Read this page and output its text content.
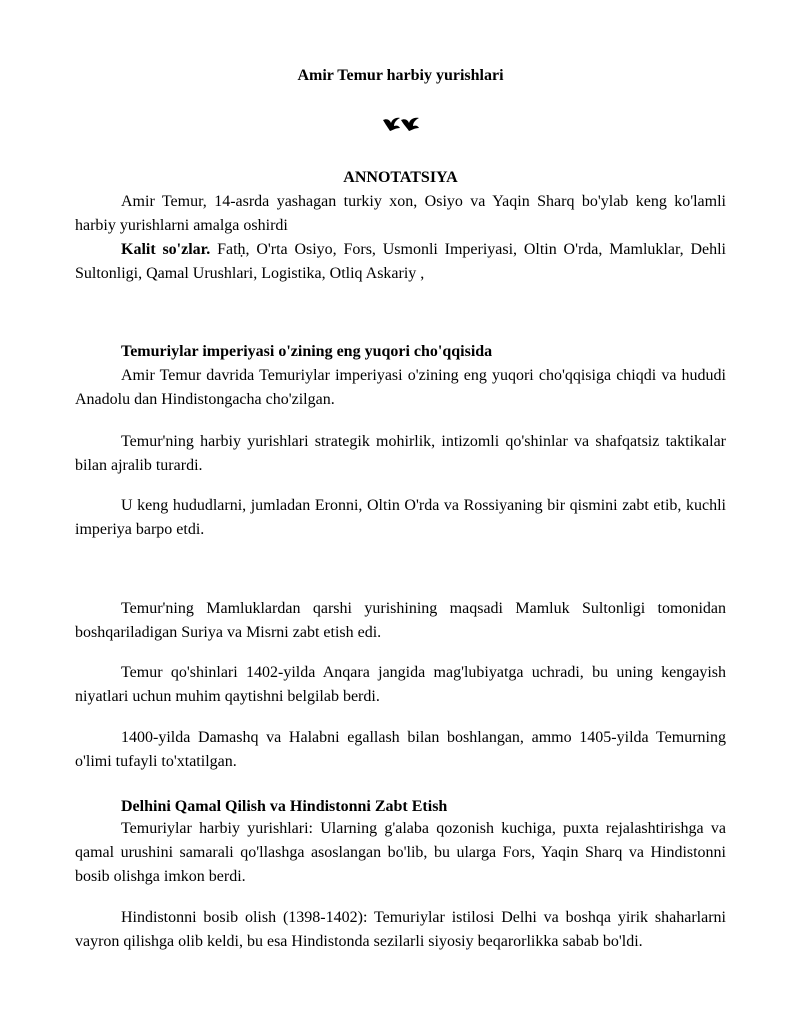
Amir Temur harbiy yurishlari
ANNOTATSIYA

Amir Temur, 14-asrda yashagan turkiy xon, Osiyo va Yaqin Sharq bo'ylab keng ko'lamli harbiy yurishlarni amalga oshirdi

Kalit so'zlar. Fatḥ, O'rta Osiyo, Fors, Usmonli Imperiyasi, Oltin O'rda, Mamluklar, Dehli Sultonligi, Qamal Urushlari, Logistika, Otliq Askariy ,

Temuriylar imperiyasi o'zining eng yuqori cho'qqisida

Amir Temur davrida Temuriylar imperiyasi o'zining eng yuqori cho'qqisiga chiqdi va hududi Anadolu dan Hindistongacha cho'zilgan.

Temur'ning harbiy yurishlari strategik mohirlik, intizomli qo'shinlar va shafqatsiz taktikalar bilan ajralib turardi.

U keng hududlarni, jumladan Eronni, Oltin O'rda va Rossiyaning bir qismini zabt etib, kuchli imperiya barpo etdi.

Temur'ning Mamluklardan qarshi yurishining maqsadi Mamluk Sultonligi tomonidan boshqariladigan Suriya va Misrni zabt etish edi.

Temur qo'shinlari 1402-yilda Anqara jangida mag'lubiyatga uchradi, bu uning kengayish niyatlari uchun muhim qaytishni belgilab berdi.

1400-yilda Damashq va Halabni egallash bilan boshlangan, ammo 1405-yilda Temurning o'limi tufayli to'xtatilgan.

Delhini Qamal Qilish va Hindistonni Zabt Etish

Temuriylar harbiy yurishlari: Ularning g'alaba qozonish kuchiga, puxta rejalashtirishga va qamal urushini samarali qo'llashga asoslangan bo'lib, bu ularga Fors, Yaqin Sharq va Hindistonni bosib olishga imkon berdi.

Hindistonni bosib olish (1398-1402): Temuriylar istilosi Delhi va boshqa yirik shaharlarni vayron qilishga olib keldi, bu esa Hindistonda sezilarli siyosiy beqarorlikka sabab bo'ldi.
